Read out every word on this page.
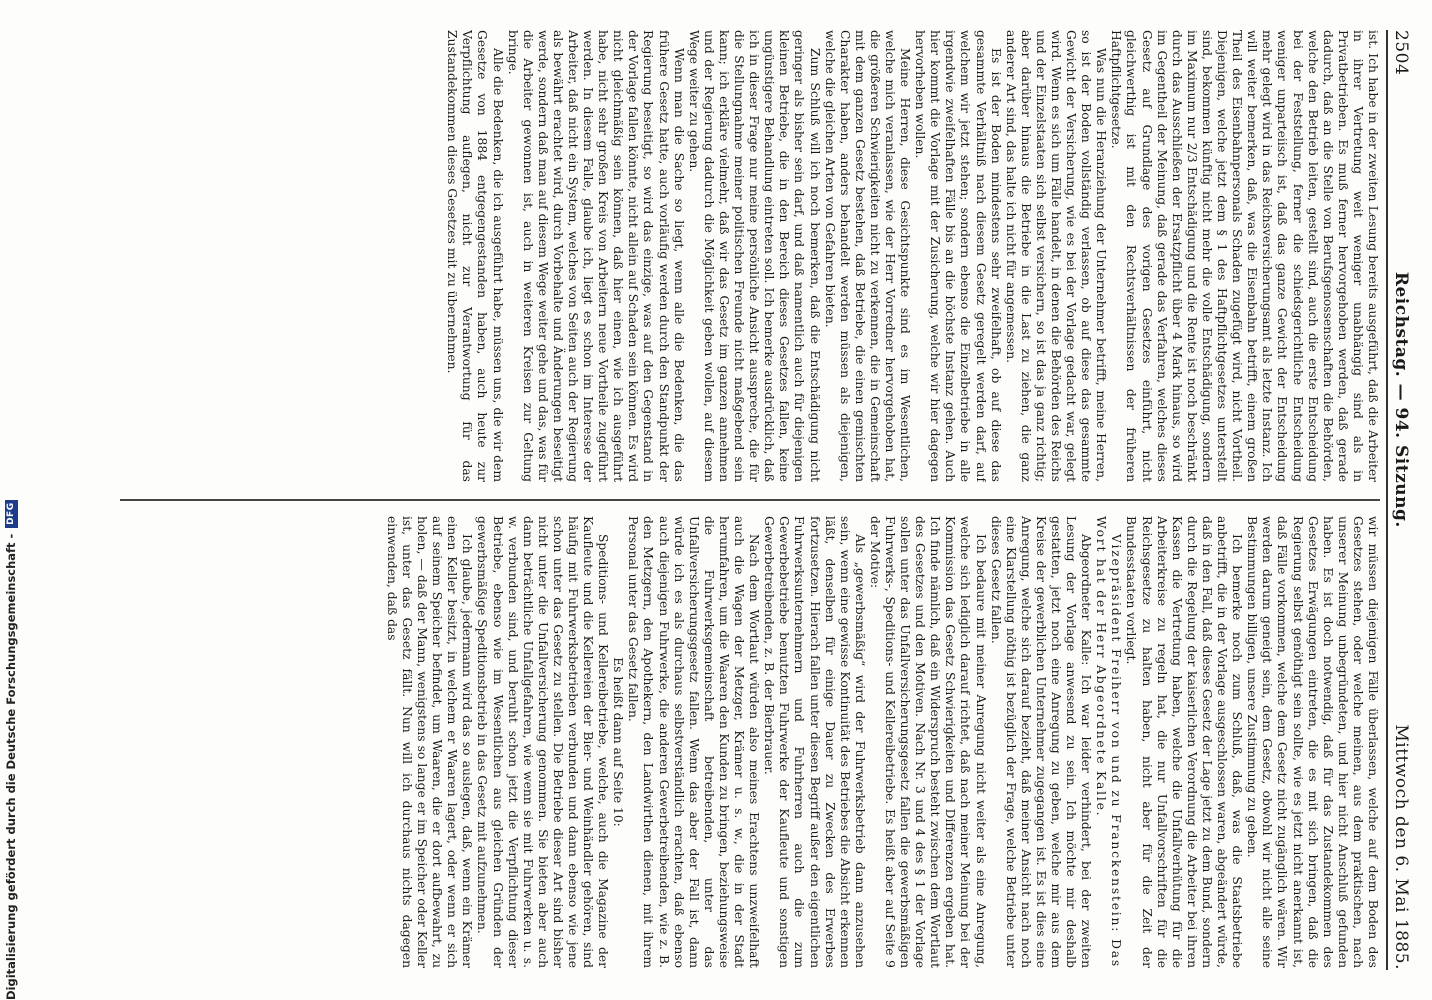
2504
Reichstag. — 94. Sitzung.
Mittwoch den 6. Mai 1885.

ist. Ich habe in der zweiten Lesung bereits ausgeführt, daß die Arbeiter in ihrer Vertretung weit weniger unabhängig sind als in Privatbetrieben. Es muß ferner hervorgehoben werden, daß gerade dadurch, daß an die Stelle von Berufsgenossenschaften die Behörden, welche den Betrieb leiten, gestellt sind, auch die erste Entscheidung bei der Feststellung, ferner die schiedsgerichtliche Entscheidung weniger unparteiisch ist, daß das ganze Gewicht der Entscheidung mehr gelegt wird in das Reichsversicherungsamt als letzte Instanz. Ich will weiter bemerken, daß, was die Eisenbahn betrifft, einem großen Theil des Eisenbahnpersonals Schaden zugefügt wird, nicht Vortheil. Diejenigen, welche jetzt dem § 1 des Haftpflichtgesetzes unterstellt sind, bekommen künftig nicht mehr die volle Entschädigung, sondern im Maximum nur 2/3 Entschädigung und die Rente ist noch beschränkt durch das Ausschließen der Ersatzpflicht über 4 Mark hinaus, so wird im Gegentheil der Meinung, daß gerade das Verfahren, welches dieses Gesetz auf Grundlage des vorigen Gesetzes einführt, nicht gleichwerthig ist mit den Rechtsverhältnissen der früheren Haftpflichtgesetze.

Was nun die Heranziehung der Unternehmer betrifft, meine Herren, so ist der Boden vollständig verlassen, ob auf diese das gesammte Gewicht der Versicherung, wie es bei der Vorlage gedacht war, gelegt wird. Wenn es sich um Fälle handelt, in denen die Behörden des Reichs und der Einzelstaaten sich selbst versichern, so ist das ja ganz richtig; aber darüber hinaus die Betriebe in die Last zu ziehen, die ganz anderer Art sind, das halte ich nicht für angemessen.

Es ist der Boden mindestens sehr zweifelhaft, ob auf diese das gesammte Verhältniß nach diesem Gesetz geregelt werden darf, auf welchem wir jetzt stehen; sondern ebenso die Einzelbetriebe in alle irgendwie zweifelhaften Fälle bis an die höchste Instanz gehen. Auch hier kommt die Vorlage mit der Zusicherung, welche wir hier dagegen hervorheben wollen.

Meine Herren, diese Gesichtspunkte sind es im Wesentlichen, welche mich veranlassen, wie der Herr Vorredner hervorgehoben hat, die größeren Schwierigkeiten nicht zu verkennen, die in Gemeinschaft mit dem ganzen Gesetz bestehen, daß Betriebe, die einen gemischten Charakter haben, anders behandelt werden müssen als diejenigen, welche die gleichen Arten von Gefahren bieten.

Zum Schluß will ich noch bemerken, daß die Entschädigung nicht geringer als bisher sein darf, und daß namentlich auch für diejenigen kleinen Betriebe, die in den Bereich dieses Gesetzes fallen, keine ungünstigere Behandlung eintreten soll. Ich bemerke ausdrücklich, daß ich in dieser Frage nur meine persönliche Ansicht ausspreche, die für die Stellungnahme meiner politischen Freunde nicht maßgebend sein kann; ich erkläre vielmehr, daß wir das Gesetz im ganzen annehmen und der Regierung dadurch die Möglichkeit geben wollen, auf diesem Wege weiter zu gehen.

Wenn man die Sache so liegt, wenn alle die Bedenken, die das frühere Gesetz hatte, auch vorläufig werden durch den Standpunkt der Regierung beseitigt, so wird das einzige, was auf den Gegenstand in der Vorlage fallen könnte, nicht allein auf Schaden sein können. Es wird nicht gleichmäßig sein können, daß hier einen, wie ich ausgeführt habe, nicht sehr großen Kreis von Arbeitern neue Vortheile zugeführt werden. In diesem Falle, glaube ich, liegt es schon im Interesse der Arbeiter, daß nicht ein System, welches von Seiten auch der Regierung als bewährt erachtet wird, durch Vorbehalte und Änderungen beseitigt werde, sondern daß man auf diesem Wege weiter gehe und das, was für die Arbeiter gewonnen ist, auch in weiteren Kreisen zur Geltung bringe.

Alle die Bedenken, die ich ausgeführt habe, müssen uns, die wir dem Gesetze von 1884 entgegengestanden haben, auch heute zur Verpflichtung auflegen, nicht zur Verantwortung für das Zustandekommen dieses Gesetzes mit zu übernehmen.

wir müssen diejenigen Fälle überlassen, welche auf dem Boden des Gesetzes stehen, oder welche meinen, aus dem praktischen, nach unserer Meinung unbegründeten, und hier nicht Anschluß gefunden haben. Es ist doch notwendig, daß für das Zustandekommen des Gesetzes Erwägungen eintreten, die es mit sich bringen, daß die Regierung selbst genöthigt sein sollte, wie es jetzt nicht anerkannt ist, daß Fälle vorkommen, welche dem Gesetz nicht zugänglich wären. Wir werden darum geneigt sein, dem Gesetz, obwohl wir nicht alle seine Bestimmungen billigen, unsere Zustimmung zu geben.

Ich bemerke noch zum Schluß, daß, was die Staatsbetriebe anbetrifft, die in der Vorlage ausgeschlossen waren, abgeändert würde, daß in den Fall, daß dieses Gesetz der Lage jetzt zu dem Bund, sondern durch die Regelung der kaiserlichen Verordnung die Arbeiter bei ihren Kassen die Vertretung haben, welche die Unfallverhütung für die Arbeiterkreise zu regeln hat, die nur Unfallvorschriften für die Reichsgesetze zu halten haben, nicht aber für die Zeit der Bundesstaaten vorliegt.

Vizepräsident Freiherr von und zu Franckenstein: Das Wort hat der Herr Abgeordnete Kalle.

Abgeordneter Kalle: Ich war leider verhindert, bei der zweiten Lesung der Vorlage anwesend zu sein. Ich möchte mir deshalb gestatten, jetzt noch eine Anregung zu geben, welche mir aus dem Kreise der gewerblichen Unternehmer zugegangen ist. Es ist dies eine Anregung, welche sich darauf bezieht, daß meiner Ansicht nach noch eine Klarstellung nöthig ist bezüglich der Frage, welche Betriebe unter dieses Gesetz fallen.

Ich bedaure mit meiner Anregung nicht weiter als eine Anregung, welche sich lediglich darauf richtet, daß nach meiner Meinung bei der Kommission das Gesetz Schwierigkeiten und Differenzen ergeben hat. Ich finde nämlich, daß ein Widerspruch besteht zwischen dem Wortlaut des Gesetzes und den Motiven. Nach Nr. 3 und 4 des § 1 der Vorlage sollen unter das Unfallversicherungsgesetz fallen die gewerbsmäßigen Fuhrwerks-, Speditions- und Kellereibetriebe. Es heißt aber auf Seite 9 der Motive:

Als „gewerbsmäßig“ wird der Fuhrwerksbetrieb dann anzusehen sein, wenn eine gewisse Kontinuität des Betriebes die Absicht erkennen läßt, denselben für einige Dauer zu Zwecken des Erwerbes fortzusetzen. Hierach fallen unter diesen Begriff außer den eigentlichen Fuhrwerksunternehmern und Fuhrherren auch die zum Gewerbebetriebe benutzten Fuhrwerke der Kaufleute und sonstigen Gewerbetreibenden, z. B. der Bierbrauer.

Nach dem Wortlaut würden also meines Erachtens unzweifelhaft auch die Wagen der Metzger, Krämer u. s. w., die in der Stadt herumfahren, um die Waaren den Kunden zu bringen, beziehungsweise die Fuhrwerksgemeinschaft betreibenden, unter das Unfallversicherungsgesetz fallen. Wenn das aber der Fall ist, dann würde ich es als durchaus selbstverständlich erachten, daß ebenso auch diejenigen Fuhrwerke, die anderen Gewerbetreibenden, wie z. B. den Metzgern, den Apothekern, den Landwirthen dienen, mit ihrem Personal unter das Gesetz fallen.

Es heißt dann auf Seite 10:

Speditions- und Kellereibetriebe, welche, auch die Magazine der Kaufleute und die Kellereien der Bier- und Weinhändler gehören, sind häufig mit Fuhrwerksbetrieben verbunden und dann ebenso wie jene schon unter das Gesetz zu stellen. Die Betriebe dieser Art sind bisher nicht unter die Unfallversicherung genommen. Sie bieten aber auch dann beträchtliche Unfallgefahren, wie wenn sie mit Fuhrwerken u. s. w. verbunden sind, und beruht schon jetzt die Verpflichtung dieser Betriebe, ebenso wie im Wesentlichen aus gleichen Gründen der gewerbsmäßige Speditionsbetrieb in das Gesetz mit aufzunehmen.

Ich glaube, jedermann wird das so auslegen, daß, wenn ein Krämer einen Keller besitzt, in welchem er Waaren lagert, oder wenn er sich auf seinem Speicher befindet, um Waaren, die er dort aufbewahrt, zu holen, — daß der Mann, wenigstens so lange er im Speicher oder Keller ist, unter das Gesetz fällt. Nun will ich durchaus nichts dagegen einwenden, daß das

Digitalisierung gefördert durch die Deutsche Forschungsgemeinschaft -
DFG
